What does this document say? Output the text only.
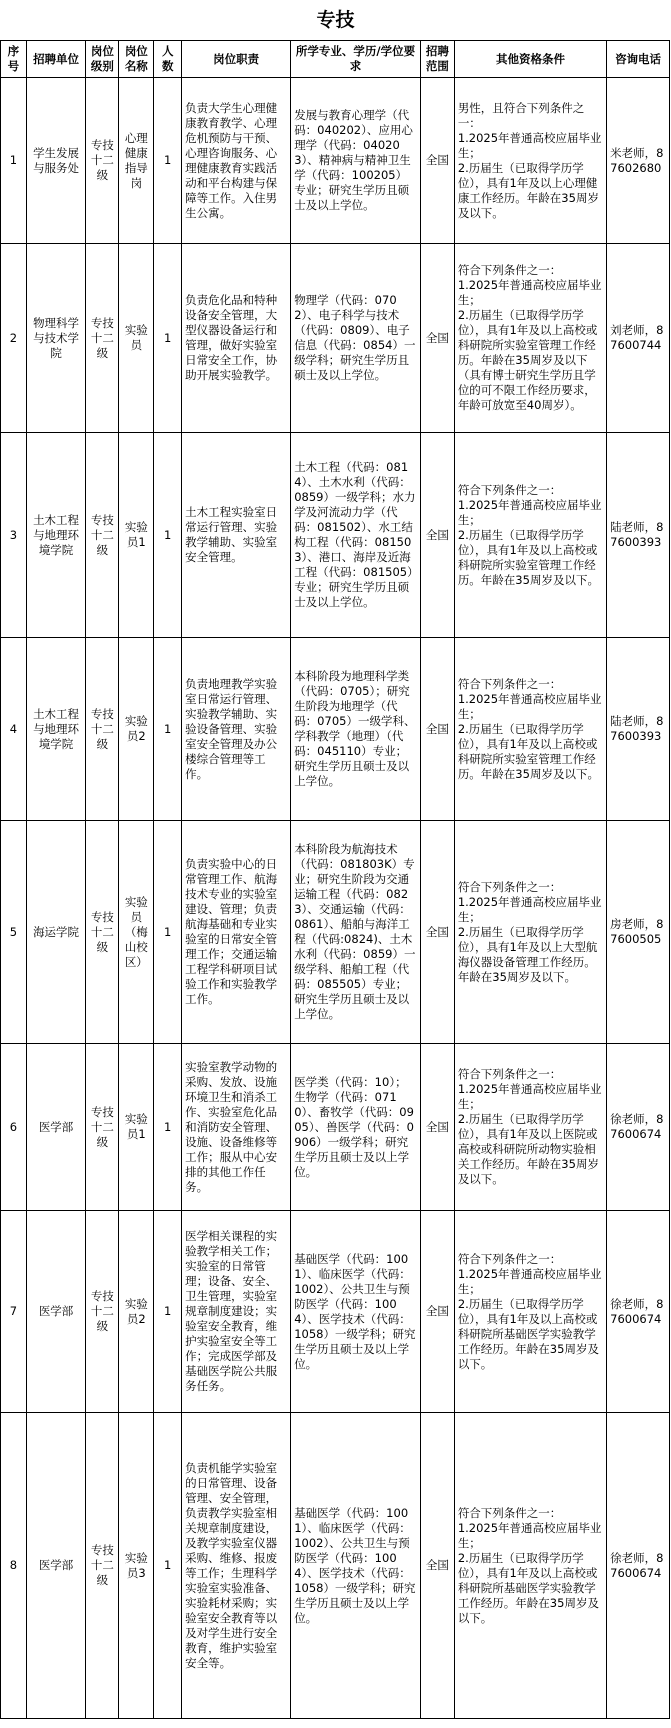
专技
序号	招聘单位	岗位级别	岗位名称	人数	岗位职责	所学专业、学历/学位要求	招聘范围	其他资格条件	咨询电话
1	学生发展与服务处	专技十二级	心理健康指导岗	1	负责大学生心理健康教育教学、心理危机预防与干预、心理咨询服务、心理健康教育实践活动和平台构建与保障等工作。入住男生公寓。	发展与教育心理学（代码：040202）、应用心理学（代码：040203）、精神病与精神卫生学（代码：100205）专业；研究生学历且硕士及以上学位。	全国	男性，且符合下列条件之一：
1.2025年普通高校应届毕业生；
2.历届生（已取得学历学位），具有1年及以上心理健康工作经历。年龄在35周岁及以下。	米老师，87602680
2	物理科学与技术学院	专技十二级	实验员	1	负责危化品和特种设备安全管理，大型仪器设备运行和管理，做好实验室日常安全工作，协助开展实验教学。	物理学（代码：0702）、电子科学与技术（代码：0809）、电子信息（代码：0854）一级学科；研究生学历且硕士及以上学位。	全国	符合下列条件之一：
1.2025年普通高校应届毕业生；
2.历届生（已取得学历学位），具有1年及以上高校或科研院所实验室管理工作经历。年龄在35周岁及以下（具有博士研究生学历且学位的可不限工作经历要求，年龄可放宽至40周岁）。	刘老师，87600744
3	土木工程与地理环境学院	专技十二级	实验员1	1	土木工程实验室日常运行管理、实验教学辅助、实验室安全管理。	土木工程（代码：0814）、土木水利（代码：0859）一级学科；水力学及河流动力学（代码：081502）、水工结构工程（代码：081503）、港口、海岸及近海工程（代码：081505）专业；研究生学历且硕士及以上学位。	全国	符合下列条件之一：
1.2025年普通高校应届毕业生；
2.历届生（已取得学历学位），具有1年及以上高校或科研院所实验室管理工作经历。年龄在35周岁及以下。	陆老师，87600393
4	土木工程与地理环境学院	专技十二级	实验员2	1	负责地理教学实验室日常运行管理、实验教学辅助、实验设备管理、实验室安全管理及办公楼综合管理等工作。	本科阶段为地理科学类（代码：0705）；研究生阶段为地理学（代码：0705）一级学科、学科教学（地理）（代码：045110）专业；研究生学历且硕士及以上学位。	全国	符合下列条件之一：
1.2025年普通高校应届毕业生；
2.历届生（已取得学历学位），具有1年及以上高校或科研院所实验室管理工作经历。年龄在35周岁及以下。	陆老师，87600393
5	海运学院	专技十二级	实验员（梅山校区）	1	负责实验中心的日常管理工作、航海技术专业的实验室建设、管理；负责航海基础和专业实验室的日常安全管理工作；交通运输工程学科研项目试验工作和实验教学工作。	本科阶段为航海技术（代码：081803K）专业；研究生阶段为交通运输工程（代码：0823）、交通运输（代码：0861）、船舶与海洋工程（代码:0824)、土木水利（代码：0859）一级学科、船舶工程（代码：085505）专业；研究生学历且硕士及以上学位。	全国	符合下列条件之一：
1.2025年普通高校应届毕业生；
2.历届生（已取得学历学位），具有1年及以上大型航海仪器设备管理工作经历。年龄在35周岁及以下。	房老师，87600505
6	医学部	专技十二级	实验员1	1	实验室教学动物的采购、发放、设施环境卫生和消杀工作、实验室危化品和消防安全管理、设施、设备维修等工作；服从中心安排的其他工作任务。	医学类（代码：10）；生物学（代码：0710）、畜牧学（代码：0905）、兽医学（代码：0906）一级学科；研究生学历且硕士及以上学位。	全国	符合下列条件之一：
1.2025年普通高校应届毕业生；
2.历届生（已取得学历学位），具有1年及以上医院或高校或科研院所动物实验相关工作经历。年龄在35周岁及以下。	徐老师，87600674
7	医学部	专技十二级	实验员2	1	医学相关课程的实验教学相关工作；实验室的日常管理；设备、安全、卫生管理，实验室规章制度建设；实验室安全教育，维护实验室安全等工作；完成医学部及基础医学院公共服务任务。	基础医学（代码：1001）、临床医学（代码：1002）、公共卫生与预防医学（代码：1004）、医学技术（代码：1058）一级学科；研究生学历且硕士及以上学位。	全国	符合下列条件之一：
1.2025年普通高校应届毕业生；
2.历届生（已取得学历学位），具有1年及以上高校或科研院所基础医学实验教学工作经历。年龄在35周岁及以下。	徐老师，87600674
8	医学部	专技十二级	实验员3	1	负责机能学实验室的日常管理、设备管理、安全管理，负责教学实验室相关规章制度建设，及教学实验室仪器采购、维修、报废等工作；生理科学实验室实验准备、实验耗材采购；实验室安全教育等以及对学生进行安全教育，维护实验室安全等。	基础医学（代码：1001）、临床医学（代码：1002）、公共卫生与预防医学（代码：1004）、医学技术（代码：1058）一级学科；研究生学历且硕士及以上学位。	全国	符合下列条件之一：
1.2025年普通高校应届毕业生；
2.历届生（已取得学历学位），具有1年及以上高校或科研院所基础医学实验教学工作经历。年龄在35周岁及以下。	徐老师，87600674
